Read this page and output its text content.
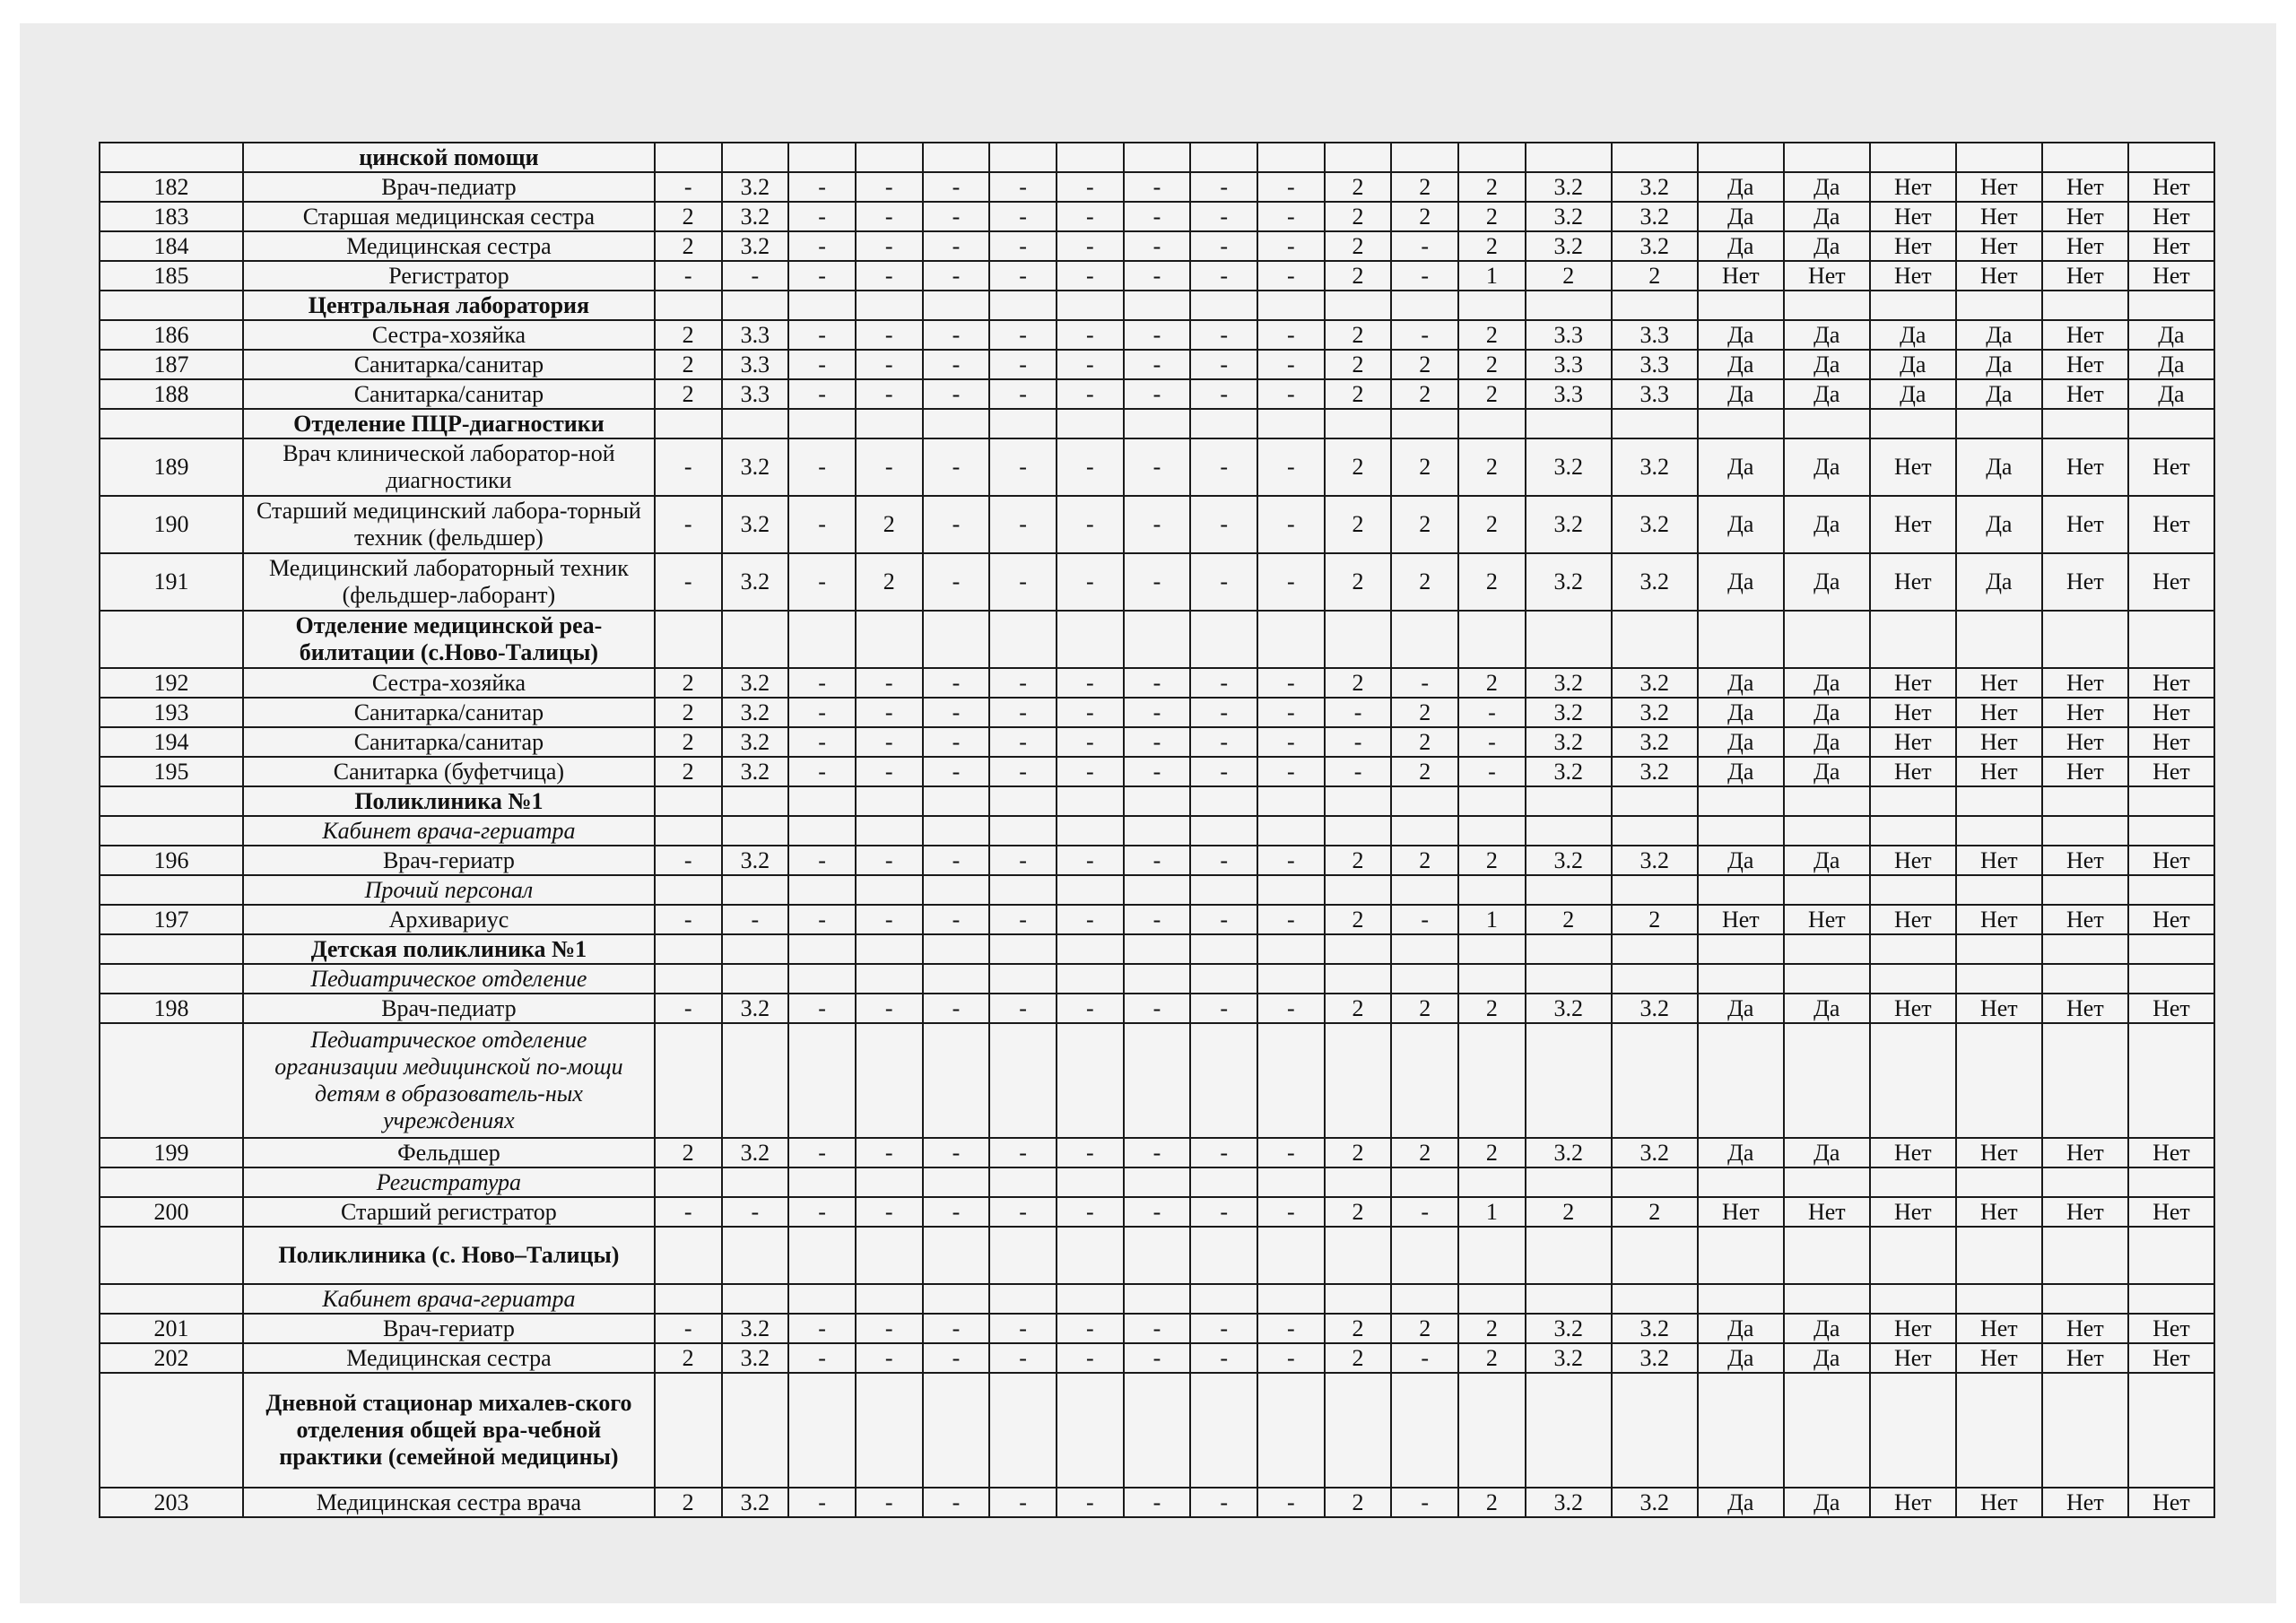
	цинской помощи																					
182	Врач-педиатр	-	3.2	-	-	-	-	-	-	-	-	2	2	2	3.2	3.2	Да	Да	Нет	Нет	Нет	Нет
183	Старшая медицинская сестра	2	3.2	-	-	-	-	-	-	-	-	2	2	2	3.2	3.2	Да	Да	Нет	Нет	Нет	Нет
184	Медицинская сестра	2	3.2	-	-	-	-	-	-	-	-	2	-	2	3.2	3.2	Да	Да	Нет	Нет	Нет	Нет
185	Регистратор	-	-	-	-	-	-	-	-	-	-	2	-	1	2	2	Нет	Нет	Нет	Нет	Нет	Нет
	Центральная лаборатория																					
186	Сестра-хозяйка	2	3.3	-	-	-	-	-	-	-	-	2	-	2	3.3	3.3	Да	Да	Да	Да	Нет	Да
187	Санитарка/санитар	2	3.3	-	-	-	-	-	-	-	-	2	2	2	3.3	3.3	Да	Да	Да	Да	Нет	Да
188	Санитарка/санитар	2	3.3	-	-	-	-	-	-	-	-	2	2	2	3.3	3.3	Да	Да	Да	Да	Нет	Да
	Отделение ПЦР-диагностики																					
189	Врач клинической лаборатор-ной диагностики	-	3.2	-	-	-	-	-	-	-	-	2	2	2	3.2	3.2	Да	Да	Нет	Да	Нет	Нет
190	Старший медицинский лабора-торный техник (фельдшер)	-	3.2	-	2	-	-	-	-	-	-	2	2	2	3.2	3.2	Да	Да	Нет	Да	Нет	Нет
191	Медицинский лабораторный техник (фельдшер-лаборант)	-	3.2	-	2	-	-	-	-	-	-	2	2	2	3.2	3.2	Да	Да	Нет	Да	Нет	Нет
	Отделение медицинской реа-билитации (с.Ново-Талицы)																					
192	Сестра-хозяйка	2	3.2	-	-	-	-	-	-	-	-	2	-	2	3.2	3.2	Да	Да	Нет	Нет	Нет	Нет
193	Санитарка/санитар	2	3.2	-	-	-	-	-	-	-	-	-	2	-	3.2	3.2	Да	Да	Нет	Нет	Нет	Нет
194	Санитарка/санитар	2	3.2	-	-	-	-	-	-	-	-	-	2	-	3.2	3.2	Да	Да	Нет	Нет	Нет	Нет
195	Санитарка (буфетчица)	2	3.2	-	-	-	-	-	-	-	-	-	2	-	3.2	3.2	Да	Да	Нет	Нет	Нет	Нет
	Поликлиника №1																					
	Кабинет врача-гериатра																					
196	Врач-гериатр	-	3.2	-	-	-	-	-	-	-	-	2	2	2	3.2	3.2	Да	Да	Нет	Нет	Нет	Нет
	Прочий персонал																					
197	Архивариус	-	-	-	-	-	-	-	-	-	-	2	-	1	2	2	Нет	Нет	Нет	Нет	Нет	Нет
	Детская поликлиника №1																					
	Педиатрическое отделение																					
198	Врач-педиатр	-	3.2	-	-	-	-	-	-	-	-	2	2	2	3.2	3.2	Да	Да	Нет	Нет	Нет	Нет
	Педиатрическое отделение организации медицинской по-мощи детям в образователь-ных учреждениях																					
199	Фельдшер	2	3.2	-	-	-	-	-	-	-	-	2	2	2	3.2	3.2	Да	Да	Нет	Нет	Нет	Нет
	Регистратура																					
200	Старший регистратор	-	-	-	-	-	-	-	-	-	-	2	-	1	2	2	Нет	Нет	Нет	Нет	Нет	Нет
	Поликлиника (с. Ново–Талицы)																					
	Кабинет врача-гериатра																					
201	Врач-гериатр	-	3.2	-	-	-	-	-	-	-	-	2	2	2	3.2	3.2	Да	Да	Нет	Нет	Нет	Нет
202	Медицинская сестра	2	3.2	-	-	-	-	-	-	-	-	2	-	2	3.2	3.2	Да	Да	Нет	Нет	Нет	Нет
	Дневной стационар михалев-ского отделения общей вра-чебной практики (семейной медицины)																					
203	Медицинская сестра врача	2	3.2	-	-	-	-	-	-	-	-	2	-	2	3.2	3.2	Да	Да	Нет	Нет	Нет	Нет
